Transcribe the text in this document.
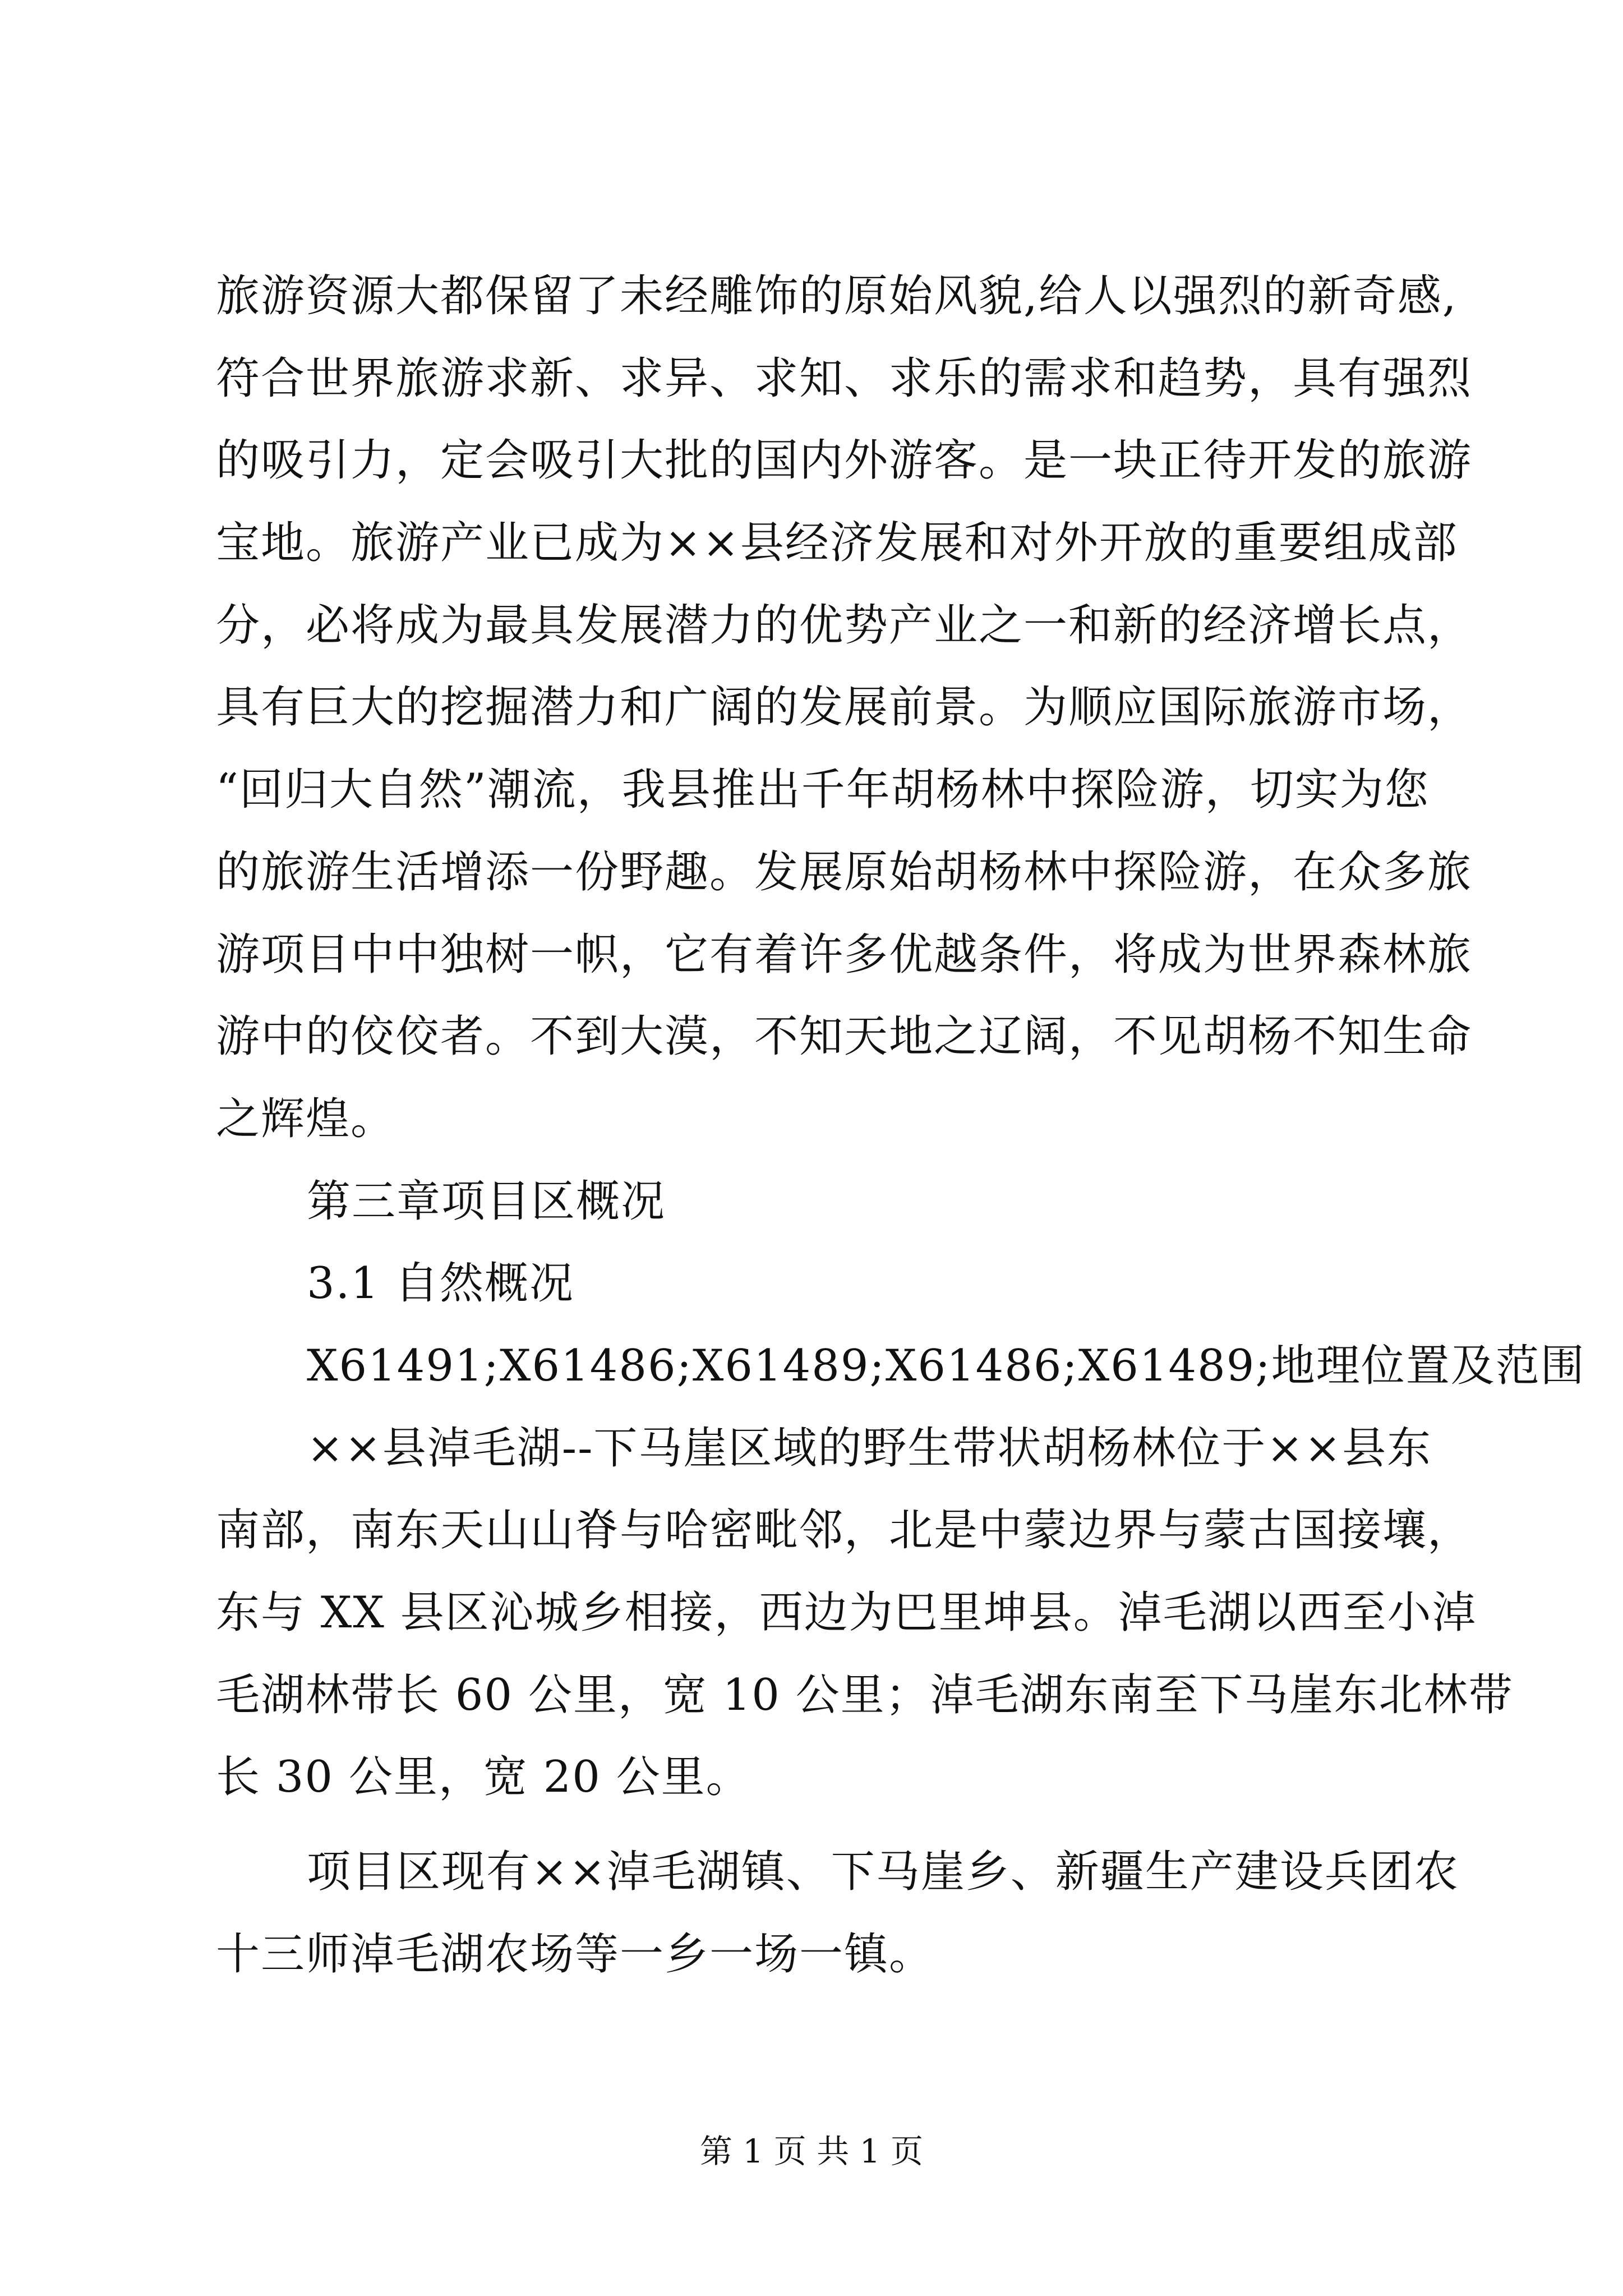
旅游资源大都保留了未经雕饰的原始风貌,给人以强烈的新奇感,
符合世界旅游求新、求异、求知、求乐的需求和趋势，具有强烈
的吸引力，定会吸引大批的国内外游客。是一块正待开发的旅游
宝地。旅游产业已成为××县经济发展和对外开放的重要组成部
分，必将成为最具发展潜力的优势产业之一和新的经济增长点，
具有巨大的挖掘潜力和广阔的发展前景。为顺应国际旅游市场，
“回归大自然”潮流，我县推出千年胡杨林中探险游，切实为您
的旅游生活增添一份野趣。发展原始胡杨林中探险游，在众多旅
游项目中中独树一帜，它有着许多优越条件，将成为世界森林旅
游中的佼佼者。不到大漠，不知天地之辽阔，不见胡杨不知生命
之辉煌。
第三章项目区概况
3.1 自然概况
X61491;X61486;X61489;X61486;X61489;地理位置及范围
××县淖毛湖--下马崖区域的野生带状胡杨林位于××县东
南部，南东天山山脊与哈密毗邻，北是中蒙边界与蒙古国接壤，
东与 XX 县区沁城乡相接，西边为巴里坤县。淖毛湖以西至小淖
毛湖林带长 60 公里，宽 10 公里；淖毛湖东南至下马崖东北林带
长 30 公里，宽 20 公里。
项目区现有××淖毛湖镇、下马崖乡、新疆生产建设兵团农
十三师淖毛湖农场等一乡一场一镇。
第 1 页 共 1 页
